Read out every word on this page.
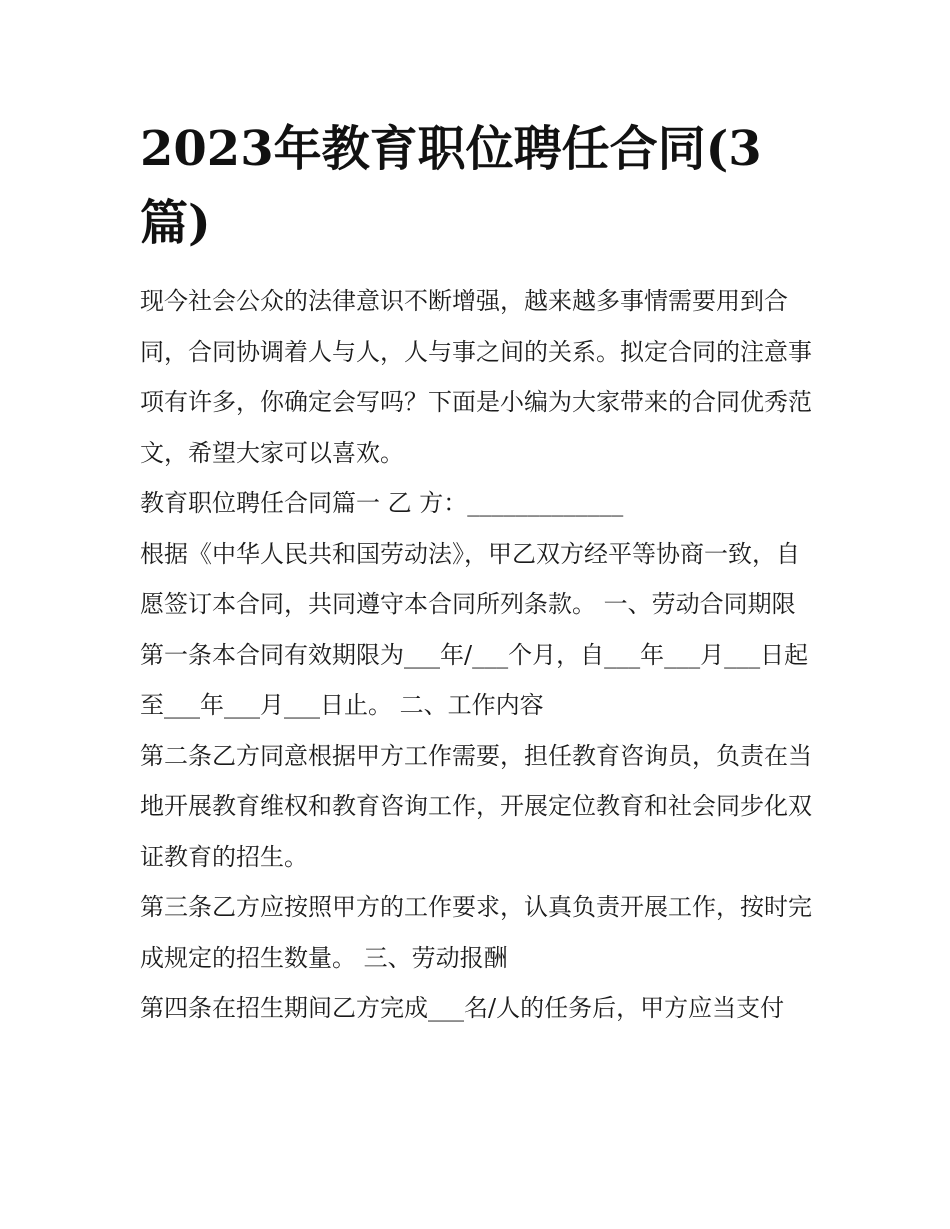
2023年教育职位聘任合同(3篇)

现今社会公众的法律意识不断增强，越来越多事情需要用到合同，合同协调着人与人，人与事之间的关系。拟定合同的注意事项有许多，你确定会写吗？下面是小编为大家带来的合同优秀范文，希望大家可以喜欢。

教育职位聘任合同篇一 乙 方：_____________

根据《中华人民共和国劳动法》，甲乙双方经平等协商一致，自愿签订本合同，共同遵守本合同所列条款。 一、劳动合同期限

第一条本合同有效期限为___年/___个月，自___年___月___日起至___年___月___日止。 二、工作内容

第二条乙方同意根据甲方工作需要，担任教育咨询员，负责在当地开展教育维权和教育咨询工作，开展定位教育和社会同步化双证教育的招生。

第三条乙方应按照甲方的工作要求，认真负责开展工作，按时完成规定的招生数量。 三、劳动报酬

第四条在招生期间乙方完成___名/人的任务后，甲方应当支付
